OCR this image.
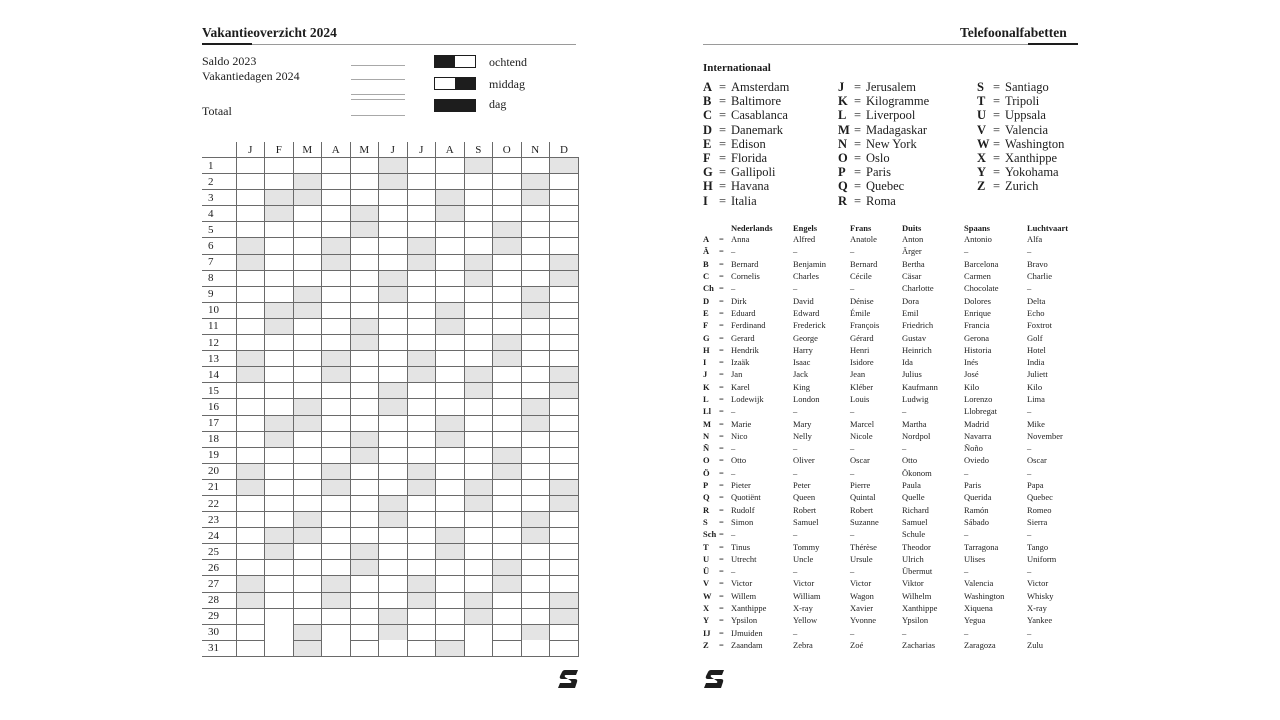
Vakantieoverzicht 2024
Saldo 2023
Vakantiedagen 2024
Totaal
ochtend
middag
dag
	J	F	M	A	M	J	J	A	S	O	N	D
1												
2												
3												
4												
5												
6												
7												
8												
9												
10												
11												
12												
13												
14												
15												
16												
17												
18												
19												
20												
21												
22												
23												
24												
25												
26												
27												
28												
29												
30												
31												
Telefoonalfabetten
Internationaal
A = Amsterdam
B = Baltimore
C = Casablanca
D = Danemark
E = Edison
F = Florida
G = Gallipoli
H = Havana
I = Italia
J = Jerusalem
K = Kilogramme
L = Liverpool
M = Madagaskar
N = New York
O = Oslo
P = Paris
Q = Quebec
R = Roma
S = Santiago
T = Tripoli
U = Uppsala
V = Valencia
W = Washington
X = Xanthippe
Y = Yokohama
Z = Zurich
		Nederlands	Engels	Frans	Duits	Spaans	Luchtvaart
A	=	Anna	Alfred	Anatole	Anton	Antonio	Alfa
Ä	=	–	–	–	Ärger	–	–
B	=	Bernard	Benjamin	Bernard	Bertha	Barcelona	Bravo
C	=	Cornelis	Charles	Cécile	Cäsar	Carmen	Charlie
Ch	=	–	–	–	Charlotte	Chocolate	–
D	=	Dirk	David	Dénise	Dora	Dolores	Delta
E	=	Eduard	Edward	Émile	Emil	Enrique	Echo
F	=	Ferdinand	Frederick	François	Friedrich	Francia	Foxtrot
G	=	Gerard	George	Gérard	Gustav	Gerona	Golf
H	=	Hendrik	Harry	Henri	Heinrich	Historia	Hotel
I	=	Izaäk	Isaac	Isidore	Ida	Inés	India
J	=	Jan	Jack	Jean	Julius	José	Juliett
K	=	Karel	King	Kléber	Kaufmann	Kilo	Kilo
L	=	Lodewijk	London	Louis	Ludwig	Lorenzo	Lima
Ll	=	–	–	–	–	Llobregat	–
M	=	Marie	Mary	Marcel	Martha	Madrid	Mike
N	=	Nico	Nelly	Nicole	Nordpol	Navarra	November
Ñ	=	–	–	–	–	Ñoño	–
O	=	Otto	Oliver	Oscar	Otto	Oviedo	Oscar
Ö	=	–	–	–	Ökonom	–	–
P	=	Pieter	Peter	Pierre	Paula	Paris	Papa
Q	=	Quotiënt	Queen	Quintal	Quelle	Querida	Quebec
R	=	Rudolf	Robert	Robert	Richard	Ramón	Romeo
S	=	Simon	Samuel	Suzanne	Samuel	Sábado	Sierra
Sch	=	–	–	–	Schule	–	–
T	=	Tinus	Tommy	Thérèse	Theodor	Tarragona	Tango
U	=	Utrecht	Uncle	Ursule	Ulrich	Ulises	Uniform
Ü	=	–	–	–	Übermut	–	–
V	=	Victor	Victor	Victor	Viktor	Valencia	Victor
W	=	Willem	William	Wagon	Wilhelm	Washington	Whisky
X	=	Xanthippe	X-ray	Xavier	Xanthippe	Xiquena	X-ray
Y	=	Ypsilon	Yellow	Yvonne	Ypsilon	Yegua	Yankee
IJ	=	IJmuiden	–	–	–	–	–
Z	=	Zaandam	Zebra	Zoé	Zacharias	Zaragoza	Zulu
